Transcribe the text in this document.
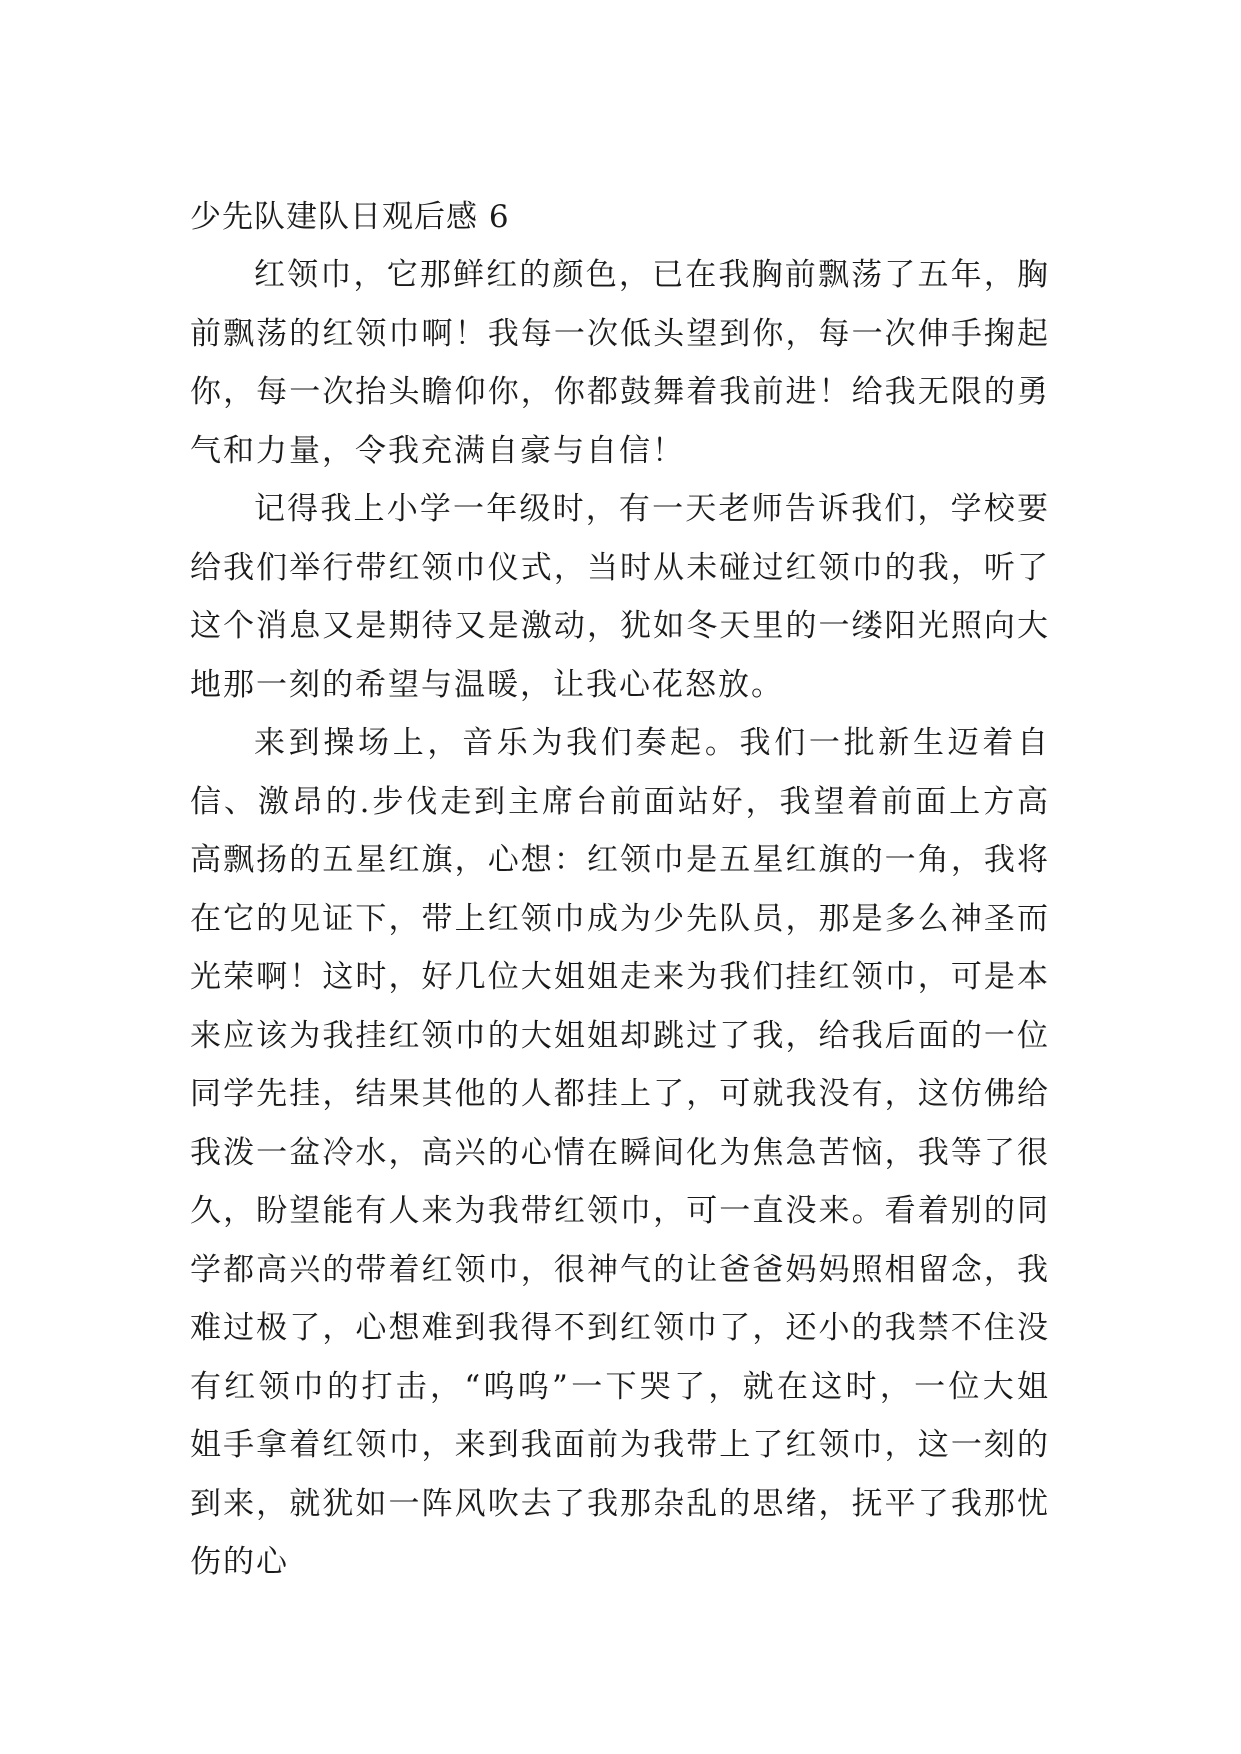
少先队建队日观后感 6

红领巾，它那鲜红的颜色，已在我胸前飘荡了五年，胸前飘荡的红领巾啊！我每一次低头望到你，每一次伸手掬起你，每一次抬头瞻仰你，你都鼓舞着我前进！给我无限的勇气和力量，令我充满自豪与自信！

记得我上小学一年级时，有一天老师告诉我们，学校要给我们举行带红领巾仪式，当时从未碰过红领巾的我，听了这个消息又是期待又是激动，犹如冬天里的一缕阳光照向大地那一刻的希望与温暖，让我心花怒放。

来到操场上，音乐为我们奏起。我们一批新生迈着自信、激昂的.步伐走到主席台前面站好，我望着前面上方高高飘扬的五星红旗，心想：红领巾是五星红旗的一角，我将在它的见证下，带上红领巾成为少先队员，那是多么神圣而光荣啊！这时，好几位大姐姐走来为我们挂红领巾，可是本来应该为我挂红领巾的大姐姐却跳过了我，给我后面的一位同学先挂，结果其他的人都挂上了，可就我没有，这仿佛给我泼一盆冷水，高兴的心情在瞬间化为焦急苦恼，我等了很久，盼望能有人来为我带红领巾，可一直没来。看着别的同学都高兴的带着红领巾，很神气的让爸爸妈妈照相留念，我难过极了，心想难到我得不到红领巾了，还小的我禁不住没有红领巾的打击，“呜呜”一下哭了，就在这时，一位大姐姐手拿着红领巾，来到我面前为我带上了红领巾，这一刻的到来，就犹如一阵风吹去了我那杂乱的思绪，抚平了我那忧伤的心
